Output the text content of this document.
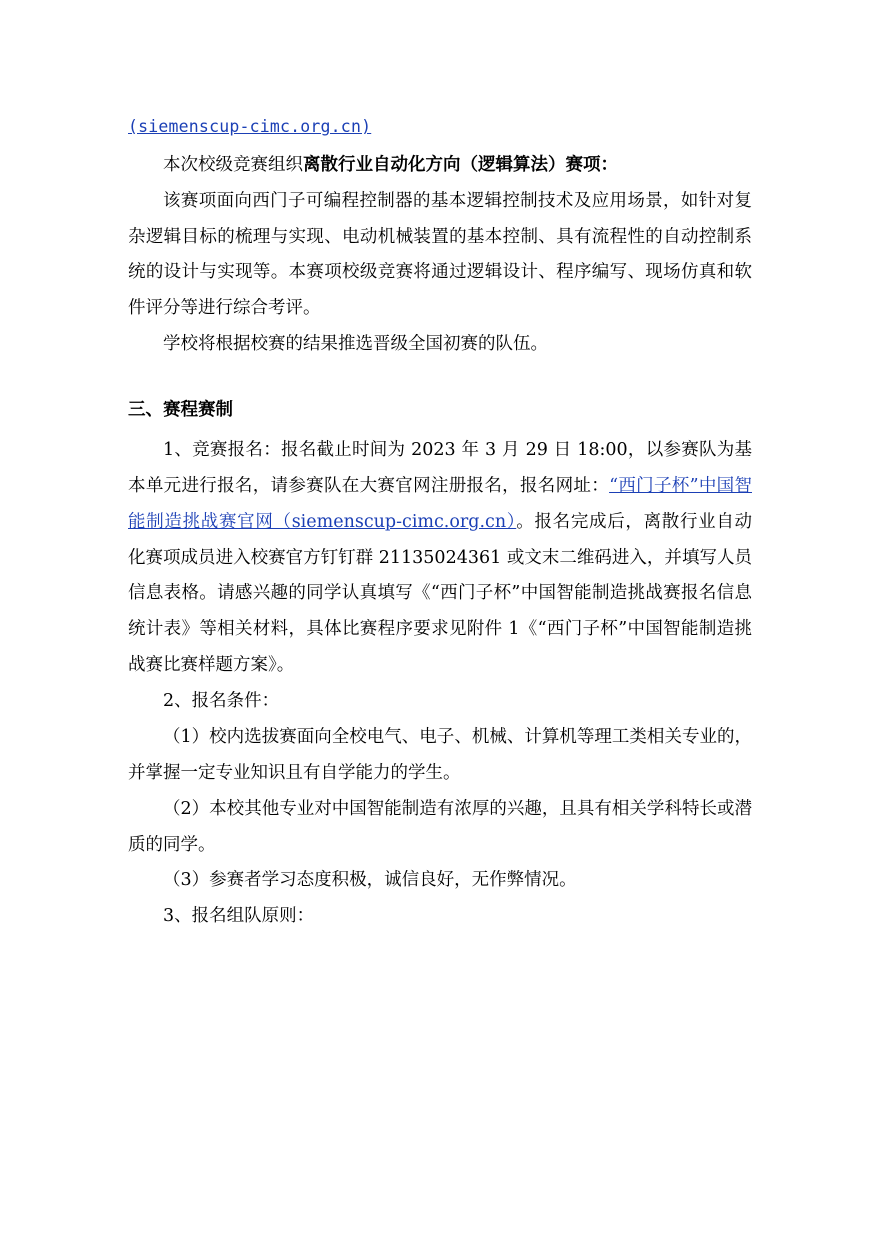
(siemenscup-cimc.org.cn)

本次校级竞赛组织离散行业自动化方向（逻辑算法）赛项：

该赛项面向西门子可编程控制器的基本逻辑控制技术及应用场景，如针对复杂逻辑目标的梳理与实现、电动机械装置的基本控制、具有流程性的自动控制系统的设计与实现等。本赛项校级竞赛将通过逻辑设计、程序编写、现场仿真和软件评分等进行综合考评。

学校将根据校赛的结果推选晋级全国初赛的队伍。

三、赛程赛制

1、竞赛报名：报名截止时间为 2023 年 3 月 29 日 18:00，以参赛队为基本单元进行报名，请参赛队在大赛官网注册报名，报名网址：“西门子杯”中国智能制造挑战赛官网（siemenscup-cimc.org.cn）。报名完成后，离散行业自动化赛项成员进入校赛官方钉钉群 21135024361 或文末二维码进入，并填写人员信息表格。请感兴趣的同学认真填写《“西门子杯”中国智能制造挑战赛报名信息统计表》等相关材料，具体比赛程序要求见附件 1《“西门子杯”中国智能制造挑战赛比赛样题方案》。

2、报名条件：

（1）校内选拔赛面向全校电气、电子、机械、计算机等理工类相关专业的，并掌握一定专业知识且有自学能力的学生。

（2）本校其他专业对中国智能制造有浓厚的兴趣，且具有相关学科特长或潜质的同学。

（3）参赛者学习态度积极，诚信良好，无作弊情况。

3、报名组队原则：
